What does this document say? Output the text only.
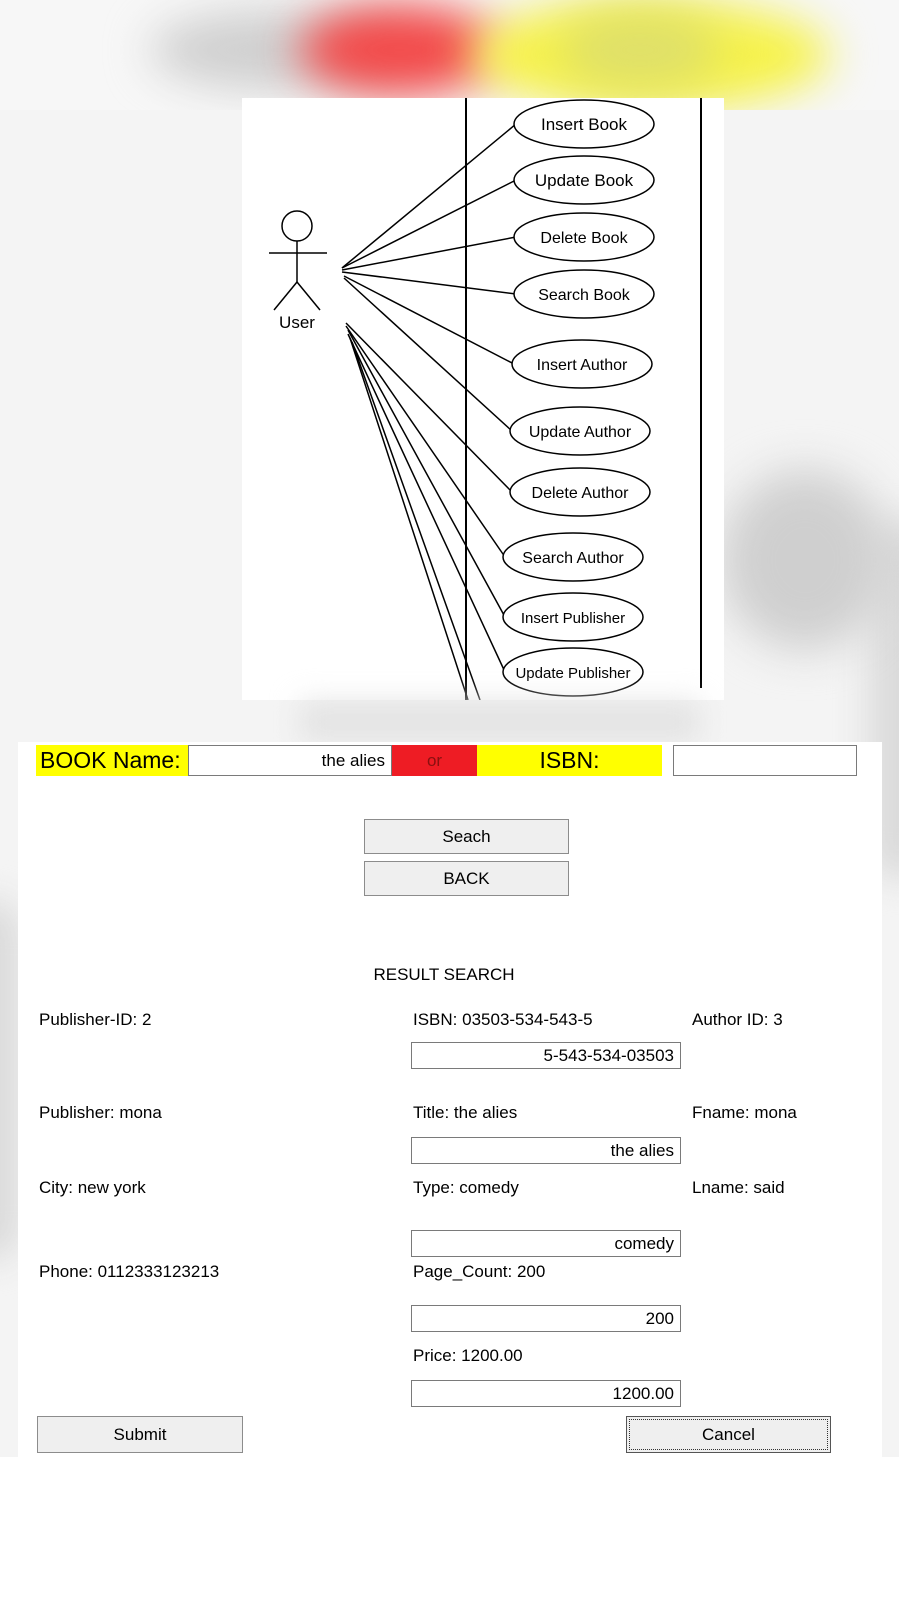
User
Insert Book
Update Book
Delete Book
Search Book
Insert Author
Update Author
Delete Author
Search Author
Insert Publisher
Update Publisher
BOOK Name:
the alies	or	ISBN:
Seach
BACK
RESULT SEARCH
Publisher-ID: 2
Publisher: mona
City: new york
Phone: 0112333123213
ISBN: 03503-534-543-5
5-543-534-03503
Title: the alies
the alies
Type: comedy
comedy
Page_Count: 200
200
Price: 1200.00
1200.00
Author ID: 3
Fname: mona
Lname: said
Submit	Cancel
